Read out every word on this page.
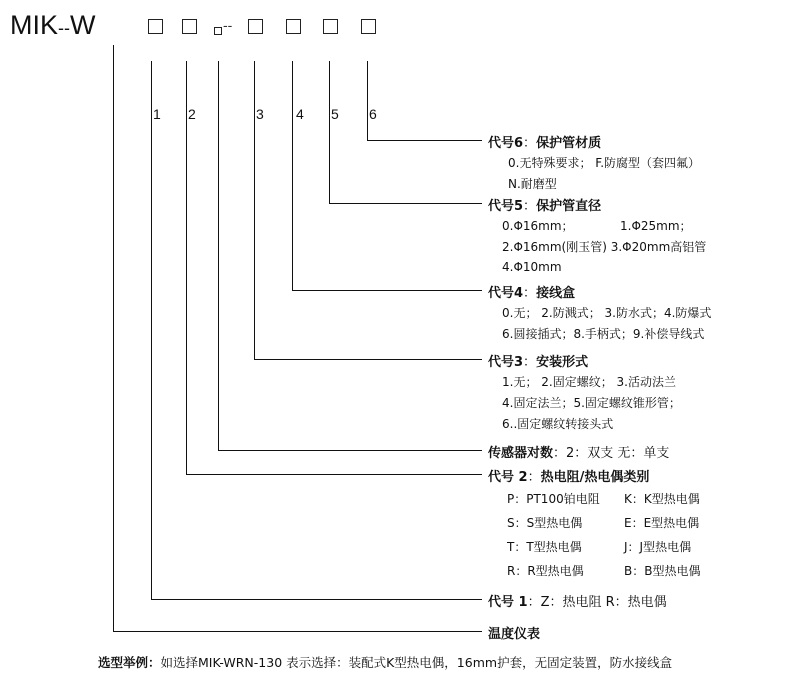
MIK--W	--
1 2	3 4 5 6
代号6：保护管材质
0.无特殊要求； F.防腐型（套四氟）
N.耐磨型
代号5：保护管直径
0.Φ16mm；	1.Φ25mm；
2.Φ16mm(刚玉管) 3.Φ20mm高铝管
4.Φ10mm
代号4：接线盒
0.无； 2.防溅式； 3.防水式；4.防爆式
6.圆接插式；8.手柄式；9.补偿导线式
代号3：安装形式
1.无； 2.固定螺纹； 3.活动法兰
4.固定法兰；5.固定螺纹锥形管；
6..固定螺纹转接头式
传感器对数：2：双支 无：单支
代号 2：热电阻/热电偶类别
P：PT100铂电阻 K：K型热电偶
S：S型热电偶	E：E型热电偶
T：T型热电偶	J：J型热电偶
R：R型热电偶	B：B型热电偶
代号 1：Z：热电阻 R：热电偶
温度仪表
选型举例：如选择MIK-WRN-130 表示选择：装配式K型热电偶，16mm护套，无固定装置，防水接线盒
